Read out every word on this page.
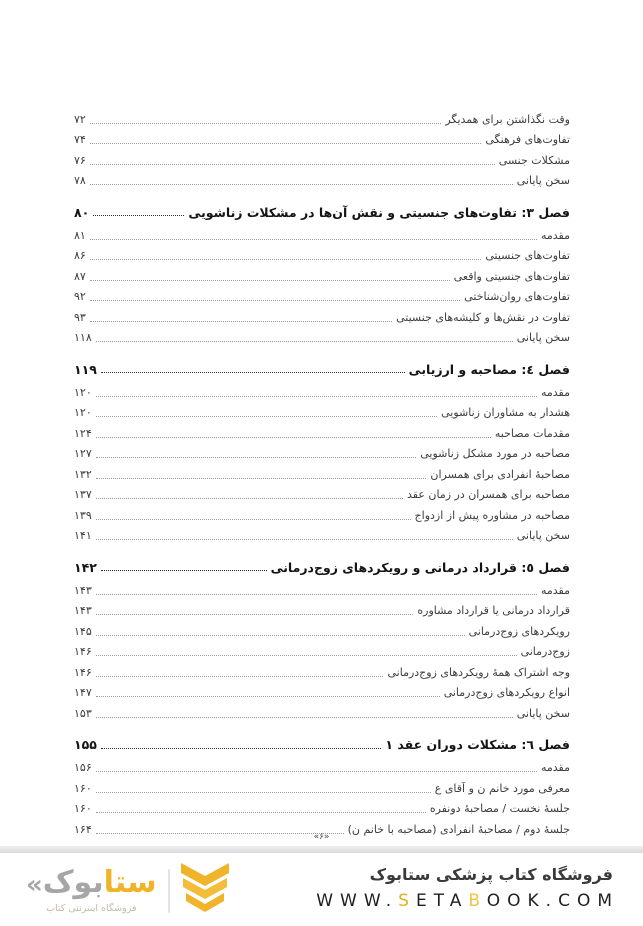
وقت نگذاشتن برای همدیگر
۷۲
تفاوت‌های فرهنگی
۷۴
مشکلات جنسی
۷۶
سخن پایانی
۷۸
فصل ٣: تفاوت‌های جنسیتی و نقش آن‌ها در مشکلات زناشویی
۸۰
مقدمه
۸۱
تفاوت‌های جنسیتی
۸۶
تفاوت‌های جنسیتی واقعی
۸۷
تفاوت‌های روان‌شناختی
۹۲
تفاوت در نقش‌ها و کلیشه‌های جنسیتی
۹۳
سخن پایانی
۱۱۸
فصل ٤: مصاحبه و ارزیابی
۱۱۹
مقدمه
۱۲۰
هشدار به مشاوران زناشویی
۱۲۰
مقدمات مصاحبه
۱۲۴
مصاحبه در مورد مشکل زناشویی
۱۲۷
مصاحبهٔ انفرادی برای همسران
۱۳۲
مصاحبه برای همسران در زمان عقد
۱۳۷
مصاحبه در مشاوره پیش از ازدواج
۱۳۹
سخن پایانی
۱۴۱
فصل ٥: قرارداد درمانی و رویکردهای زوج‌درمانی
۱۴۲
مقدمه
۱۴۳
قرارداد درمانی یا قرارداد مشاوره
۱۴۳
رویکردهای زوج‌درمانی
۱۴۵
زوج‌درمانی
۱۴۶
وجه اشتراک همهٔ رویکردهای زوج‌درمانی
۱۴۶
انواع رویکردهای زوج‌درمانی
۱۴۷
سخن پایانی
۱۵۳
فصل ٦: مشکلات دوران عقد ۱
۱۵۵
مقدمه
۱۵۶
معرفی مورد خانم ن و آقای ع
۱۶۰
جلسهٔ نخست / مصاحبهٔ دونفره
۱۶۰
جلسهٔ دوم / مصاحبهٔ انفرادی (مصاحبه با خانم ن)
۱۶۴
«۶»
فروشگاه کتاب پزشکی ستابوک
WWW.SETABOOK.COM
ستا
بوک
«
فروشگاه اینترنتی کتاب
